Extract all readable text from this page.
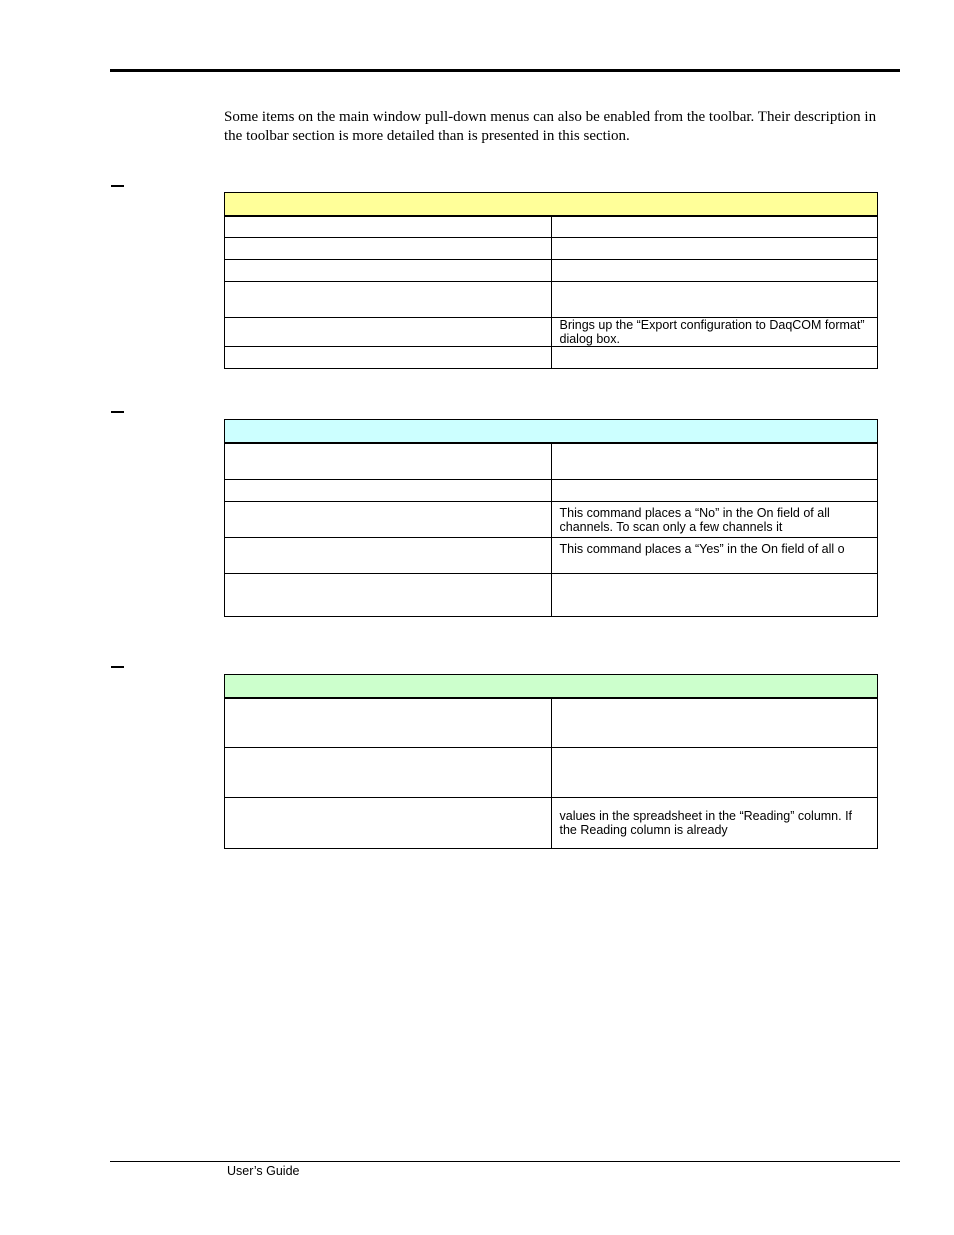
Some items on the main window pull-down menus can also be enabled from the toolbar. Their description in the toolbar section is more detailed than is presented in this section.

	Brings up the “Export configuration to DaqCOM format” dialog box.

	This command places a “No” in the On field of all channels. To scan only a few channels it
	This command places a “Yes” in the On field of all o

	values in the spreadsheet in the “Reading” column. If the Reading column is already
User’s Guide
